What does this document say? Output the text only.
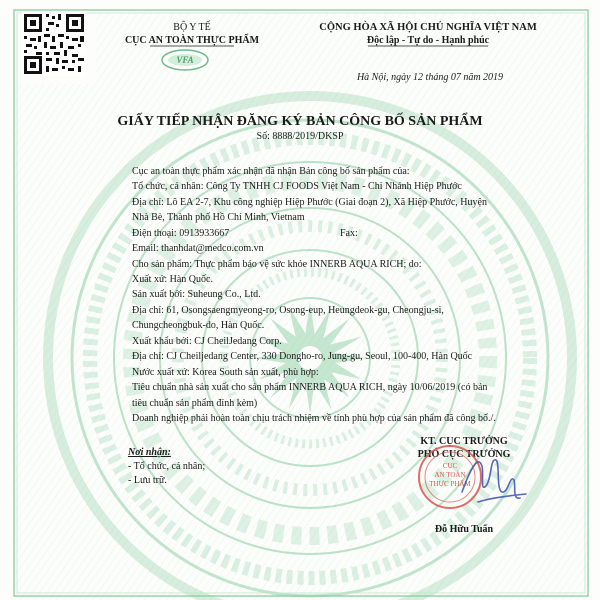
BỘ Y TẾ
CỤC AN TOÀN THỰC PHẨM
VFA
CỘNG HÒA XÃ HỘI CHỦ NGHĨA VIỆT NAM
Độc lập - Tự do - Hạnh phúc
Hà Nội, ngày 12 tháng 07 năm 2019
GIẤY TIẾP NHẬN ĐĂNG KÝ BẢN CÔNG BỐ SẢN PHẨM
Số: 8888/2019/DKSP
Cục an toàn thực phẩm xác nhận đã nhận Bản công bố sản phẩm của:
Tổ chức, cá nhân: Công Ty TNHH CJ FOODS Việt Nam - Chi Nhánh Hiệp Phước
Địa chỉ: Lô EA 2-7, Khu công nghiệp Hiệp Phước (Giai đoạn 2), Xã Hiệp Phước, Huyện
Nhà Bè, Thành phố Hồ Chí Minh, Vietnam
Điện thoại: 0913933667	Fax:
Email: thanhdat@medco.com.vn
Cho sản phẩm: Thực phẩm bảo vệ sức khỏe INNERB AQUA RICH; do:
Xuất xứ: Hàn Quốc.
Sản xuất bởi: Suheung Co., Ltd.
Địa chỉ: 61, Osongsaengmyeong-ro, Osong-eup, Heungdeok-gu, Cheongju-si,
Chungcheongbuk-do, Hàn Quốc.
Xuất khẩu bởi: CJ CheilJedang Corp.
Địa chỉ: CJ Cheiljedang Center, 330 Dongho-ro, Jung-gu, Seoul, 100-400, Hàn Quốc
Nước xuất xứ: Korea South sản xuất, phù hợp:
Tiêu chuẩn nhà sản xuất cho sản phẩm INNERB AQUA RICH, ngày 10/06/2019 (có bản
tiêu chuẩn sản phẩm đính kèm)
Doanh nghiệp phải hoàn toàn chịu trách nhiệm về tính phù hợp của sản phẩm đã công bố./.
Nơi nhận:
- Tổ chức, cá nhân;
- Lưu trữ.
KT. CỤC TRƯỞNG
PHÓ CỤC TRƯỞNG
CỤC
AN TOÀN
THỰC PHẨM
Đỗ Hữu Tuấn
